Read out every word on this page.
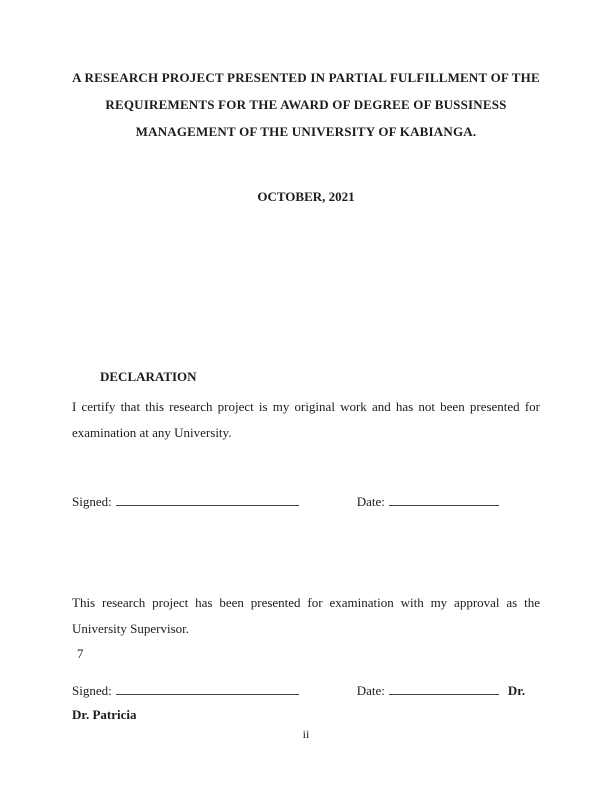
A RESEARCH PROJECT PRESENTED IN PARTIAL FULFILLMENT OF THE
REQUIREMENTS FOR THE AWARD OF DEGREE OF BUSSINESS
MANAGEMENT OF THE UNIVERSITY OF KABIANGA.
OCTOBER, 2021
DECLARATION
I certify that this research project is my original work and has not been presented for examination at any University.
Signed:	Date:
This research project has been presented for examination with my approval as the University Supervisor.
7
Signed:	Date:	Dr.
Dr. Patricia
ii
